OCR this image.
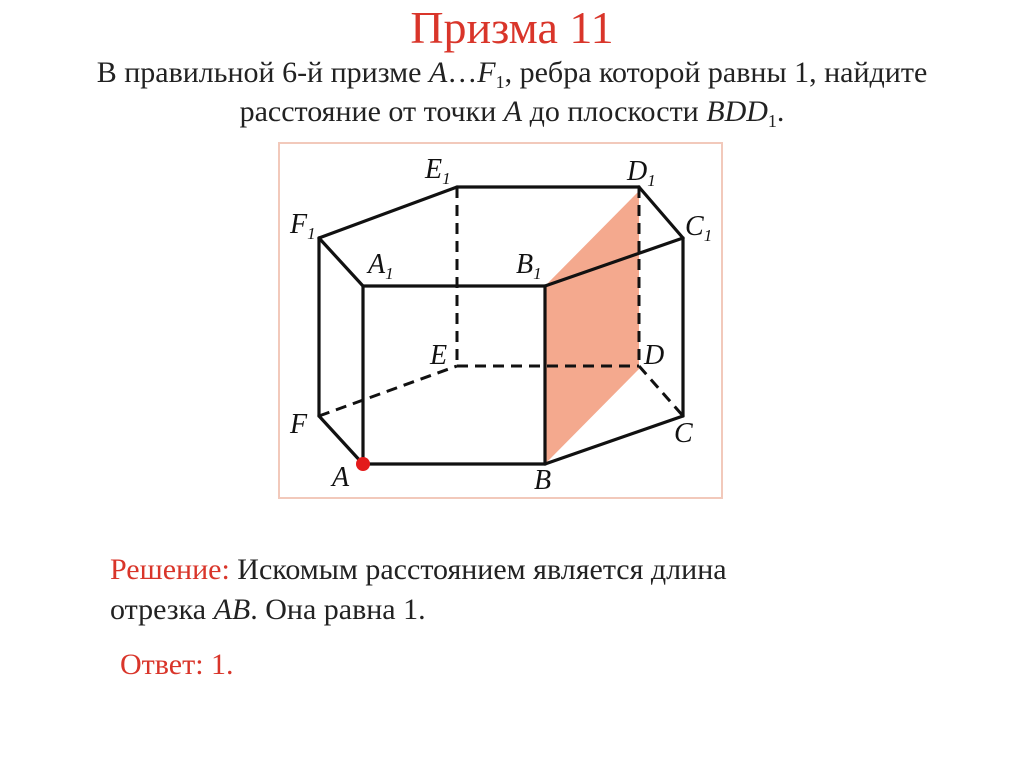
Призма 11
В правильной 6-й призме $A\dots F_1$, ребра которой равны 1, найдите
расстояние от точки A до плоскости $BDD_1$.
$E_1$	$D_1$
$F_1$	$C_1$
$A_1$	$B_1$
E	D
F	C
A	B
Решение: Искомым расстоянием является длина
отрезка AB. Она равна 1.
Ответ: 1.
